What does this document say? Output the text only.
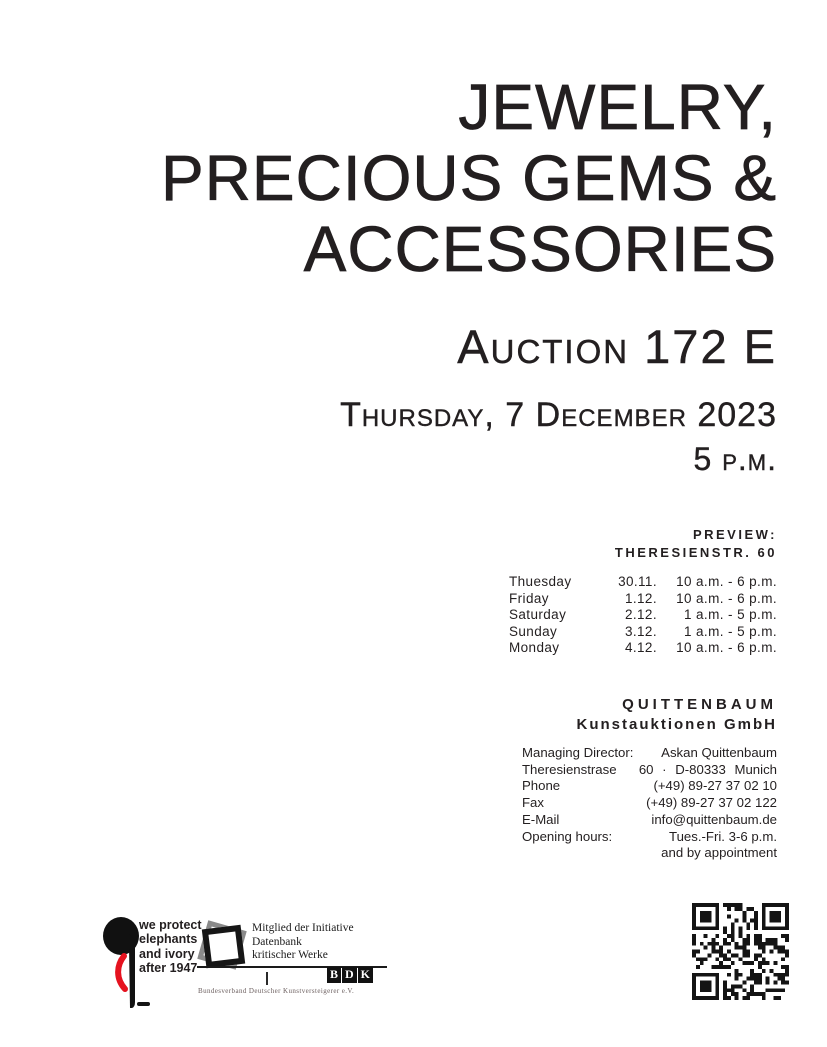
JEWELRY,
PRECIOUS GEMS &
ACCESSORIES
Auction 172 E
Thursday, 7 December 2023
5 p.m.
PREVIEW:
THERESIENSTR. 60
Thuesday	30.11.	10 a.m. - 6 p.m.
Friday	1.12.	10 a.m. - 6 p.m.
Saturday	2.12.	1 a.m. - 5 p.m.
Sunday	3.12.	1 a.m. - 5 p.m.
Monday	4.12.	10 a.m. - 6 p.m.
QUITTENBAUM
Kunstauktionen GmbH
Managing Director:	Askan Quittenbaum
Theresienstrase	60 · D-80333 Munich
Phone	(+49) 89-27 37 02 10
Fax	(+49) 89-27 37 02 122
E-Mail	info@quittenbaum.de
Opening hours:	Tues.-Fri. 3-6 p.m.
and by appointment
we protect
elephants
and ivory
after 1947
Mitglied der Initiative
Datenbank
kritischer Werke
B D K
Bundesverband Deutscher Kunstversteigerer e.V.
